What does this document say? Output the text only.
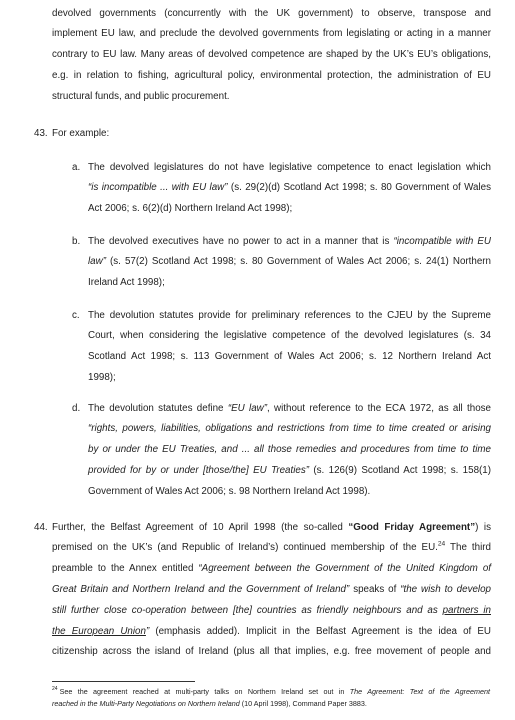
devolved governments (concurrently with the UK government) to observe, transpose and
implement EU law, and preclude the devolved governments from legislating or acting in a manner
contrary to EU law. Many areas of devolved competence are shaped by the UK’s EU’s obligations,
e.g. in relation to fishing, agricultural policy, environmental protection, the administration of EU
structural funds, and public procurement.
43. For example:
a. The devolved legislatures do not have legislative competence to enact legislation which
“is incompatible ... with EU law” (s. 29(2)(d) Scotland Act 1998; s. 80 Government of Wales
Act 2006; s. 6(2)(d) Northern Ireland Act 1998);
b. The devolved executives have no power to act in a manner that is “incompatible with EU
law” (s. 57(2) Scotland Act 1998; s. 80 Government of Wales Act 2006; s. 24(1) Northern
Ireland Act 1998);
c. The devolution statutes provide for preliminary references to the CJEU by the Supreme
Court, when considering the legislative competence of the devolved legislatures (s. 34
Scotland Act 1998; s. 113 Government of Wales Act 2006; s. 12 Northern Ireland Act
1998);
d. The devolution statutes define “EU law”, without reference to the ECA 1972, as all those
“rights, powers, liabilities, obligations and restrictions from time to time created or arising
by or under the EU Treaties, and ... all those remedies and procedures from time to time
provided for by or under [those/the] EU Treaties” (s. 126(9) Scotland Act 1998; s. 158(1)
Government of Wales Act 2006; s. 98 Northern Ireland Act 1998).
44. Further, the Belfast Agreement of 10 April 1998 (the so-called “Good Friday Agreement”) is
premised on the UK’s (and Republic of Ireland’s) continued membership of the EU.$^{24}$ The third
preamble to the Annex entitled “Agreement between the Government of the United Kingdom of
Great Britain and Northern Ireland and the Government of Ireland” speaks of “the wish to develop
still further close co-operation between [the] countries as friendly neighbours and as partners in
the European Union” (emphasis added). Implicit in the Belfast Agreement is the idea of EU
citizenship across the island of Ireland (plus all that implies, e.g. free movement of people and
$^{24}$ See the agreement reached at multi-party talks on Northern Ireland set out in The Agreement: Text of the Agreement
reached in the Multi-Party Negotiations on Northern Ireland (10 April 1998), Command Paper 3883.
